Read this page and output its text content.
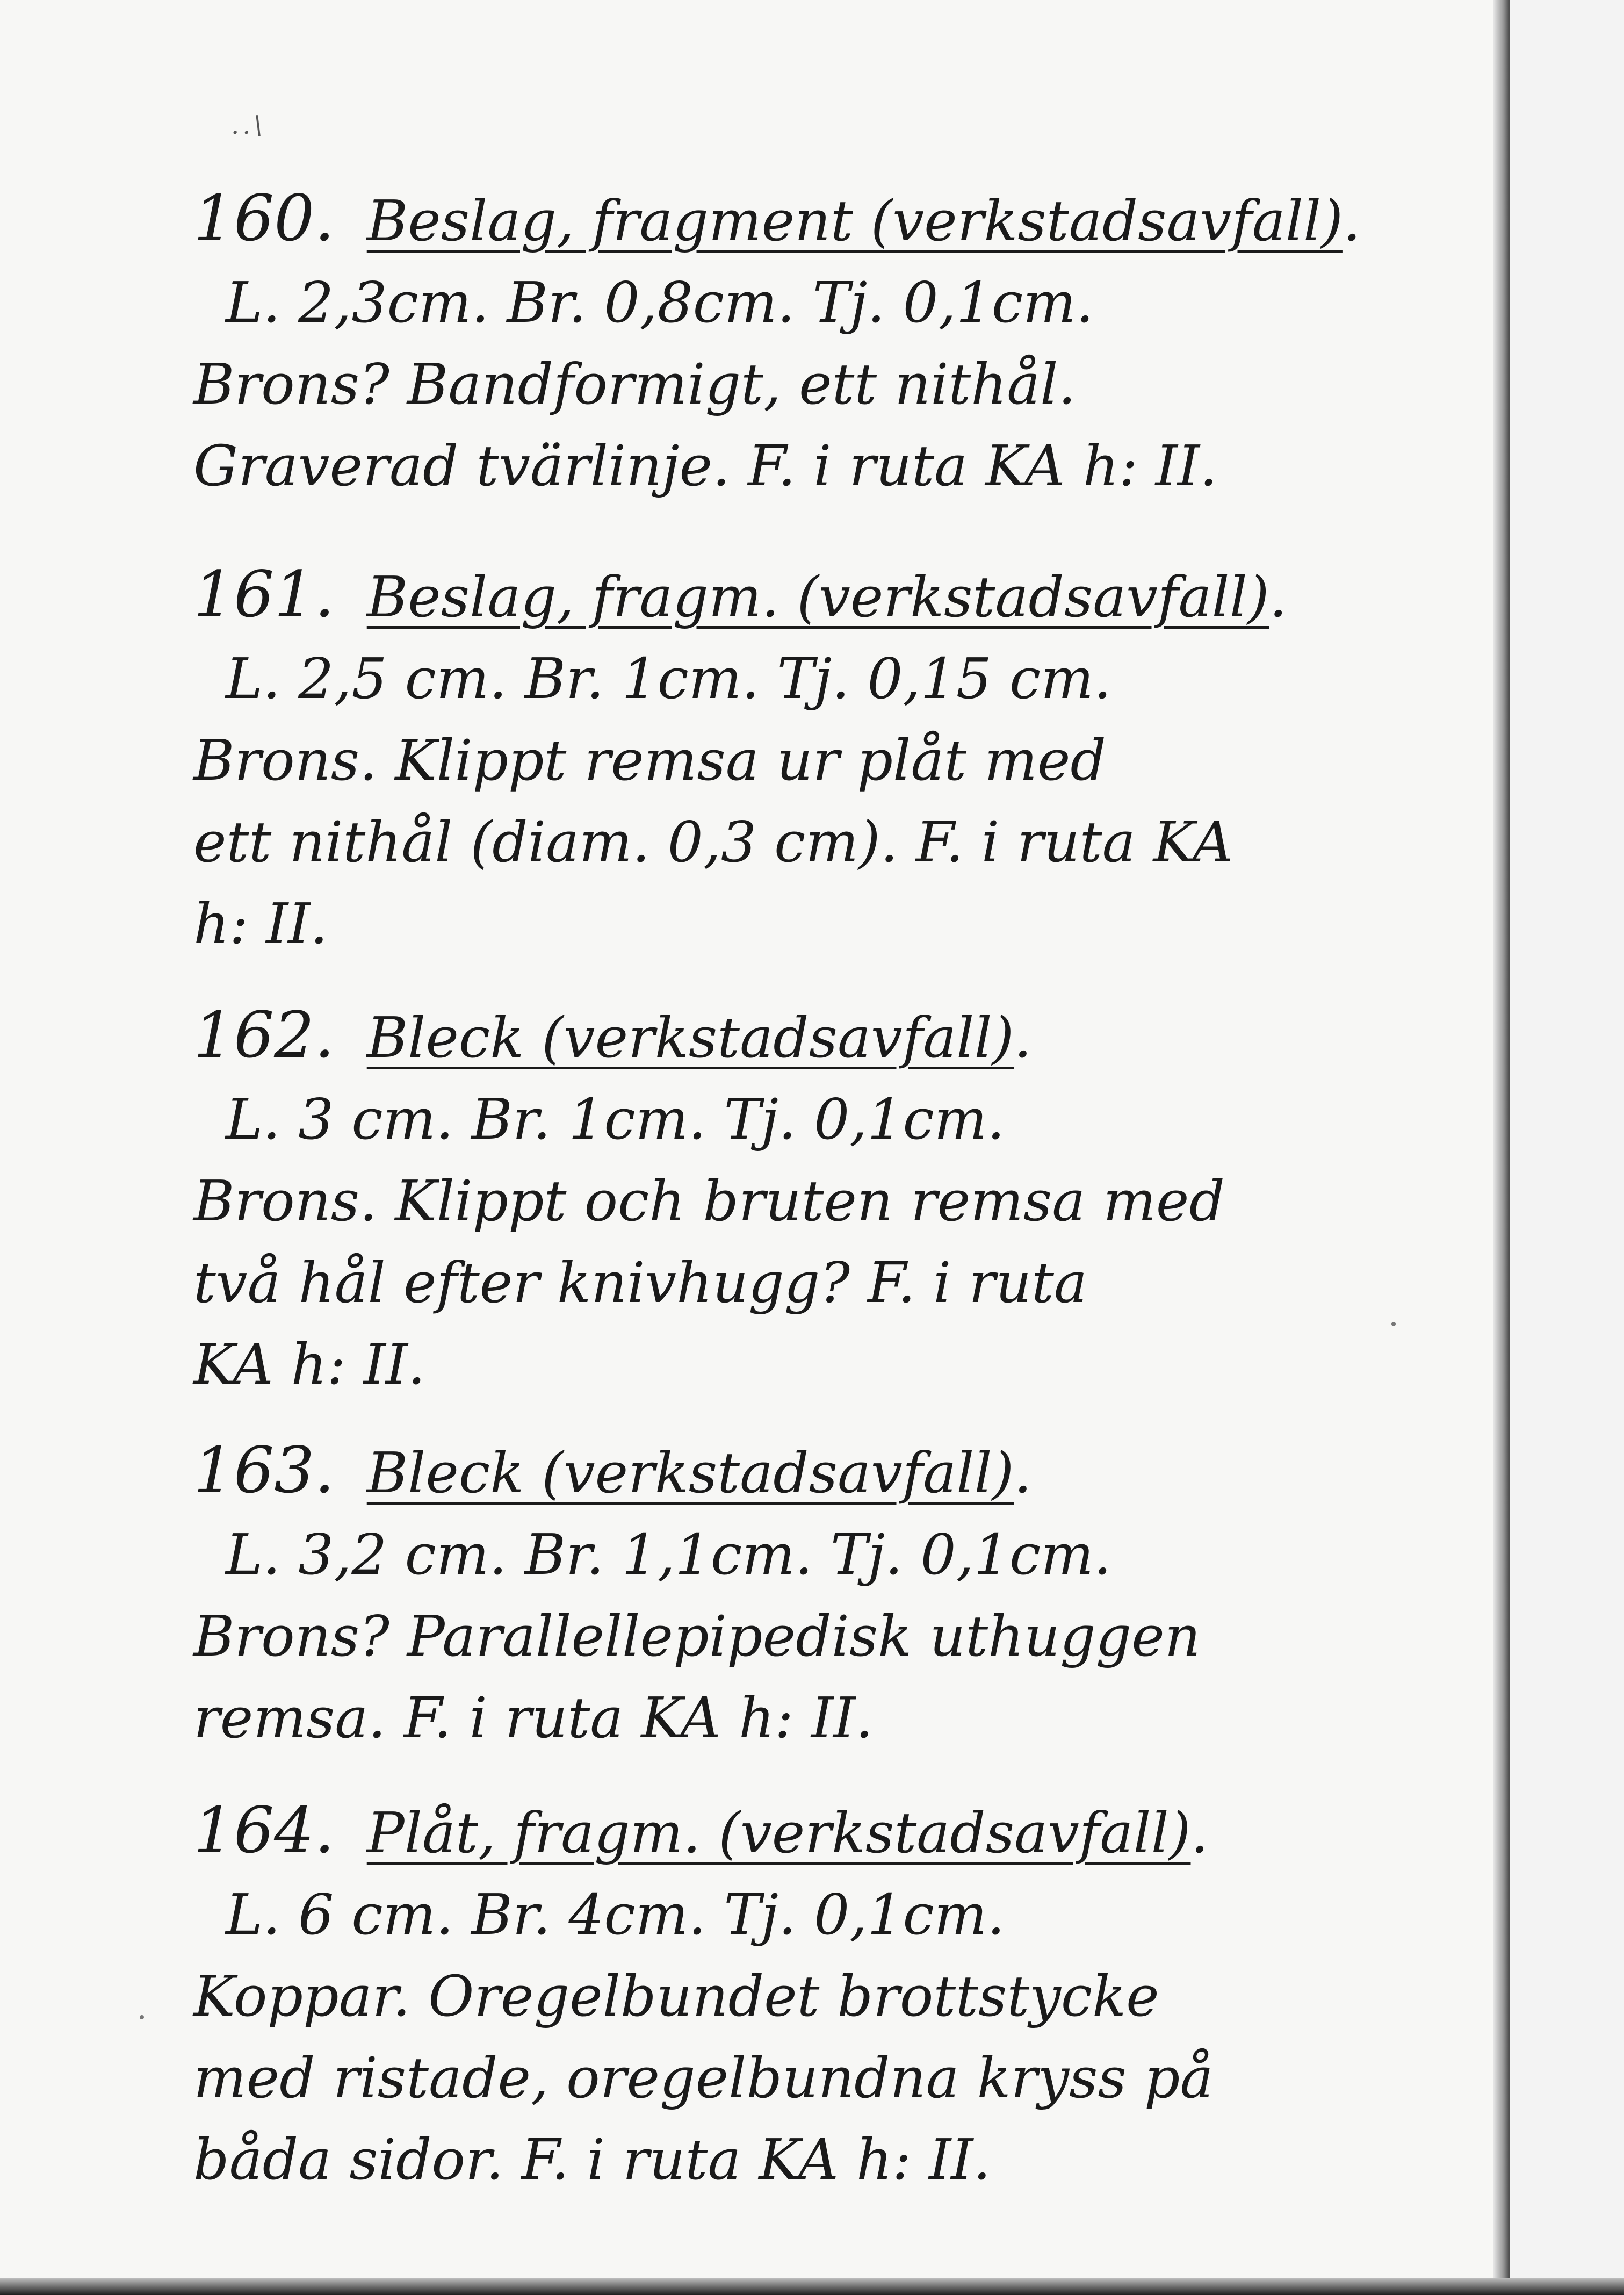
..\
160. Beslag, fragment (verkstadsavfall).
L. 2,3cm. Br. 0,8cm. Tj. 0,1cm.
Brons? Bandformigt, ett nithål.
Graverad tvärlinje. F. i ruta KA h: II.
161. Beslag, fragm. (verkstadsavfall).
L. 2,5 cm. Br. 1cm. Tj. 0,15 cm.
Brons. Klippt remsa ur plåt med
ett nithål (diam. 0,3 cm). F. i ruta KA
h: II.
162. Bleck (verkstadsavfall).
L. 3 cm. Br. 1cm. Tj. 0,1cm.
Brons. Klippt och bruten remsa med
två hål efter knivhugg? F. i ruta
KA h: II.
163. Bleck (verkstadsavfall).
L. 3,2 cm. Br. 1,1cm. Tj. 0,1cm.
Brons? Parallellepipedisk uthuggen
remsa. F. i ruta KA h: II.
164. Plåt, fragm. (verkstadsavfall).
L. 6 cm. Br. 4cm. Tj. 0,1cm.
Koppar. Oregelbundet brottstycke
med ristade, oregelbundna kryss på
båda sidor. F. i ruta KA h: II.
